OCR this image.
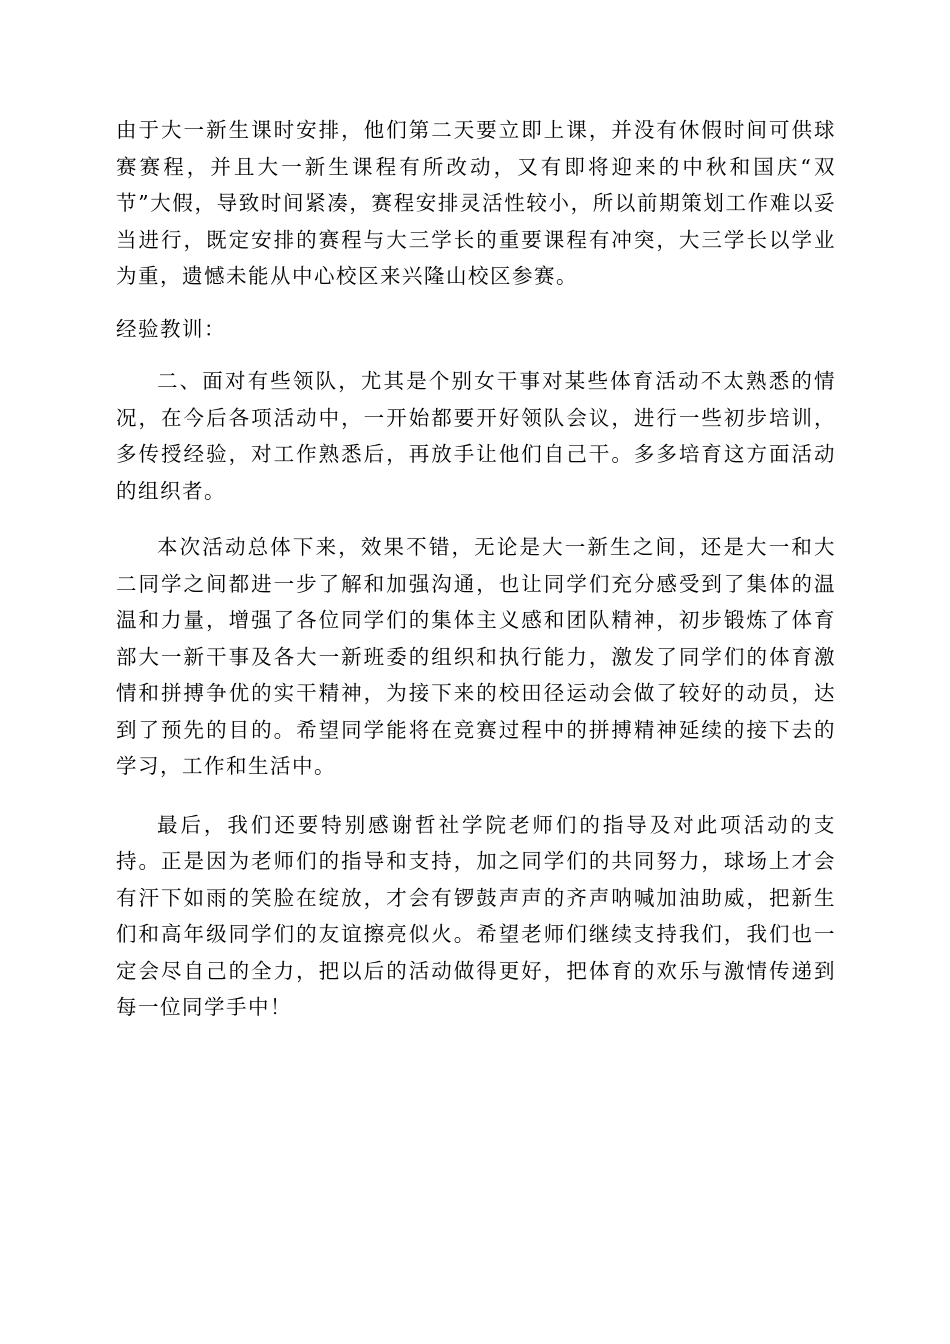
由于大一新生课时安排，他们第二天要立即上课，并没有休假时间可供球赛赛程，并且大一新生课程有所改动，又有即将迎来的中秋和国庆“双节”大假，导致时间紧凑，赛程安排灵活性较小，所以前期策划工作难以妥当进行，既定安排的赛程与大三学长的重要课程有冲突，大三学长以学业为重，遗憾未能从中心校区来兴隆山校区参赛。

经验教训：

二、面对有些领队，尤其是个别女干事对某些体育活动不太熟悉的情况，在今后各项活动中，一开始都要开好领队会议，进行一些初步培训，多传授经验，对工作熟悉后，再放手让他们自己干。多多培育这方面活动的组织者。

本次活动总体下来，效果不错，无论是大一新生之间，还是大一和大二同学之间都进一步了解和加强沟通，也让同学们充分感受到了集体的温温和力量，增强了各位同学们的集体主义感和团队精神，初步锻炼了体育部大一新干事及各大一新班委的组织和执行能力，激发了同学们的体育激情和拼搏争优的实干精神，为接下来的校田径运动会做了较好的动员，达到了预先的目的。希望同学能将在竞赛过程中的拼搏精神延续的接下去的学习，工作和生活中。

最后，我们还要特别感谢哲社学院老师们的指导及对此项活动的支持。正是因为老师们的指导和支持，加之同学们的共同努力，球场上才会有汗下如雨的笑脸在绽放，才会有锣鼓声声的齐声呐喊加油助威，把新生们和高年级同学们的友谊擦亮似火。希望老师们继续支持我们，我们也一定会尽自己的全力，把以后的活动做得更好，把体育的欢乐与激情传递到每一位同学手中！
